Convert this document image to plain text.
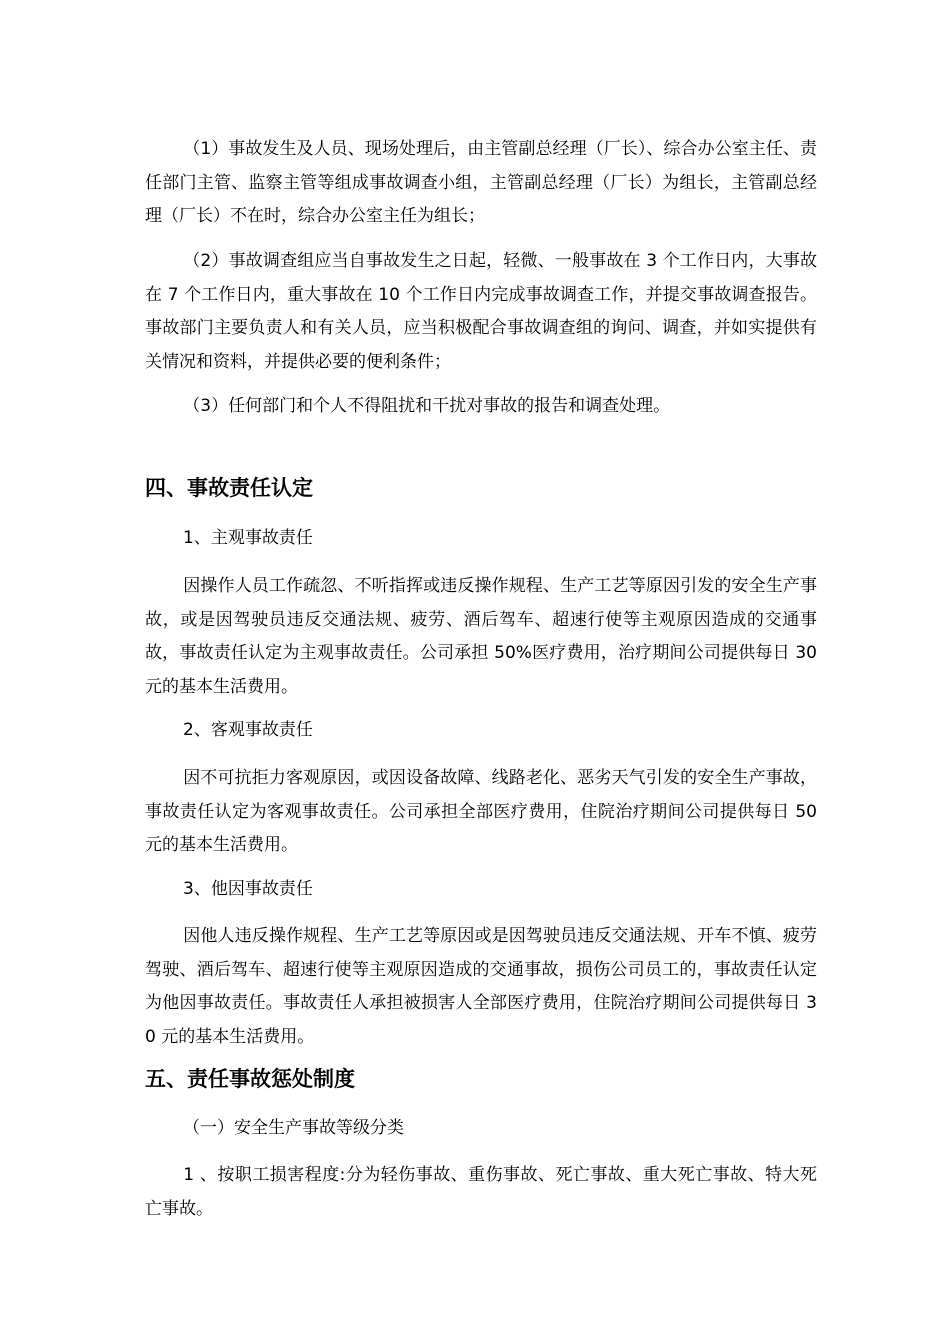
（1）事故发生及人员、现场处理后，由主管副总经理（厂长）、综合办公室主任、责任部门主管、监察主管等组成事故调查小组，主管副总经理（厂长）为组长，主管副总经理（厂长）不在时，综合办公室主任为组长；

（2）事故调查组应当自事故发生之日起，轻微、一般事故在 3 个工作日内，大事故在 7 个工作日内，重大事故在 10 个工作日内完成事故调查工作，并提交事故调查报告。事故部门主要负责人和有关人员，应当积极配合事故调查组的询问、调查，并如实提供有关情况和资料，并提供必要的便利条件；

（3）任何部门和个人不得阻扰和干扰对事故的报告和调查处理。

四、事故责任认定

1、主观事故责任

因操作人员工作疏忽、不听指挥或违反操作规程、生产工艺等原因引发的安全生产事故，或是因驾驶员违反交通法规、疲劳、酒后驾车、超速行使等主观原因造成的交通事故，事故责任认定为主观事故责任。公司承担 50%医疗费用，治疗期间公司提供每日 30 元的基本生活费用。

2、客观事故责任

因不可抗拒力客观原因，或因设备故障、线路老化、恶劣天气引发的安全生产事故，事故责任认定为客观事故责任。公司承担全部医疗费用，住院治疗期间公司提供每日 50 元的基本生活费用。

3、他因事故责任

因他人违反操作规程、生产工艺等原因或是因驾驶员违反交通法规、开车不慎、疲劳驾驶、酒后驾车、超速行使等主观原因造成的交通事故，损伤公司员工的，事故责任认定为他因事故责任。事故责任人承担被损害人全部医疗费用，住院治疗期间公司提供每日 30 元的基本生活费用。

五、责任事故惩处制度

（一）安全生产事故等级分类

1 、按职工损害程度:分为轻伤事故、重伤事故、死亡事故、重大死亡事故、特大死亡事故。
